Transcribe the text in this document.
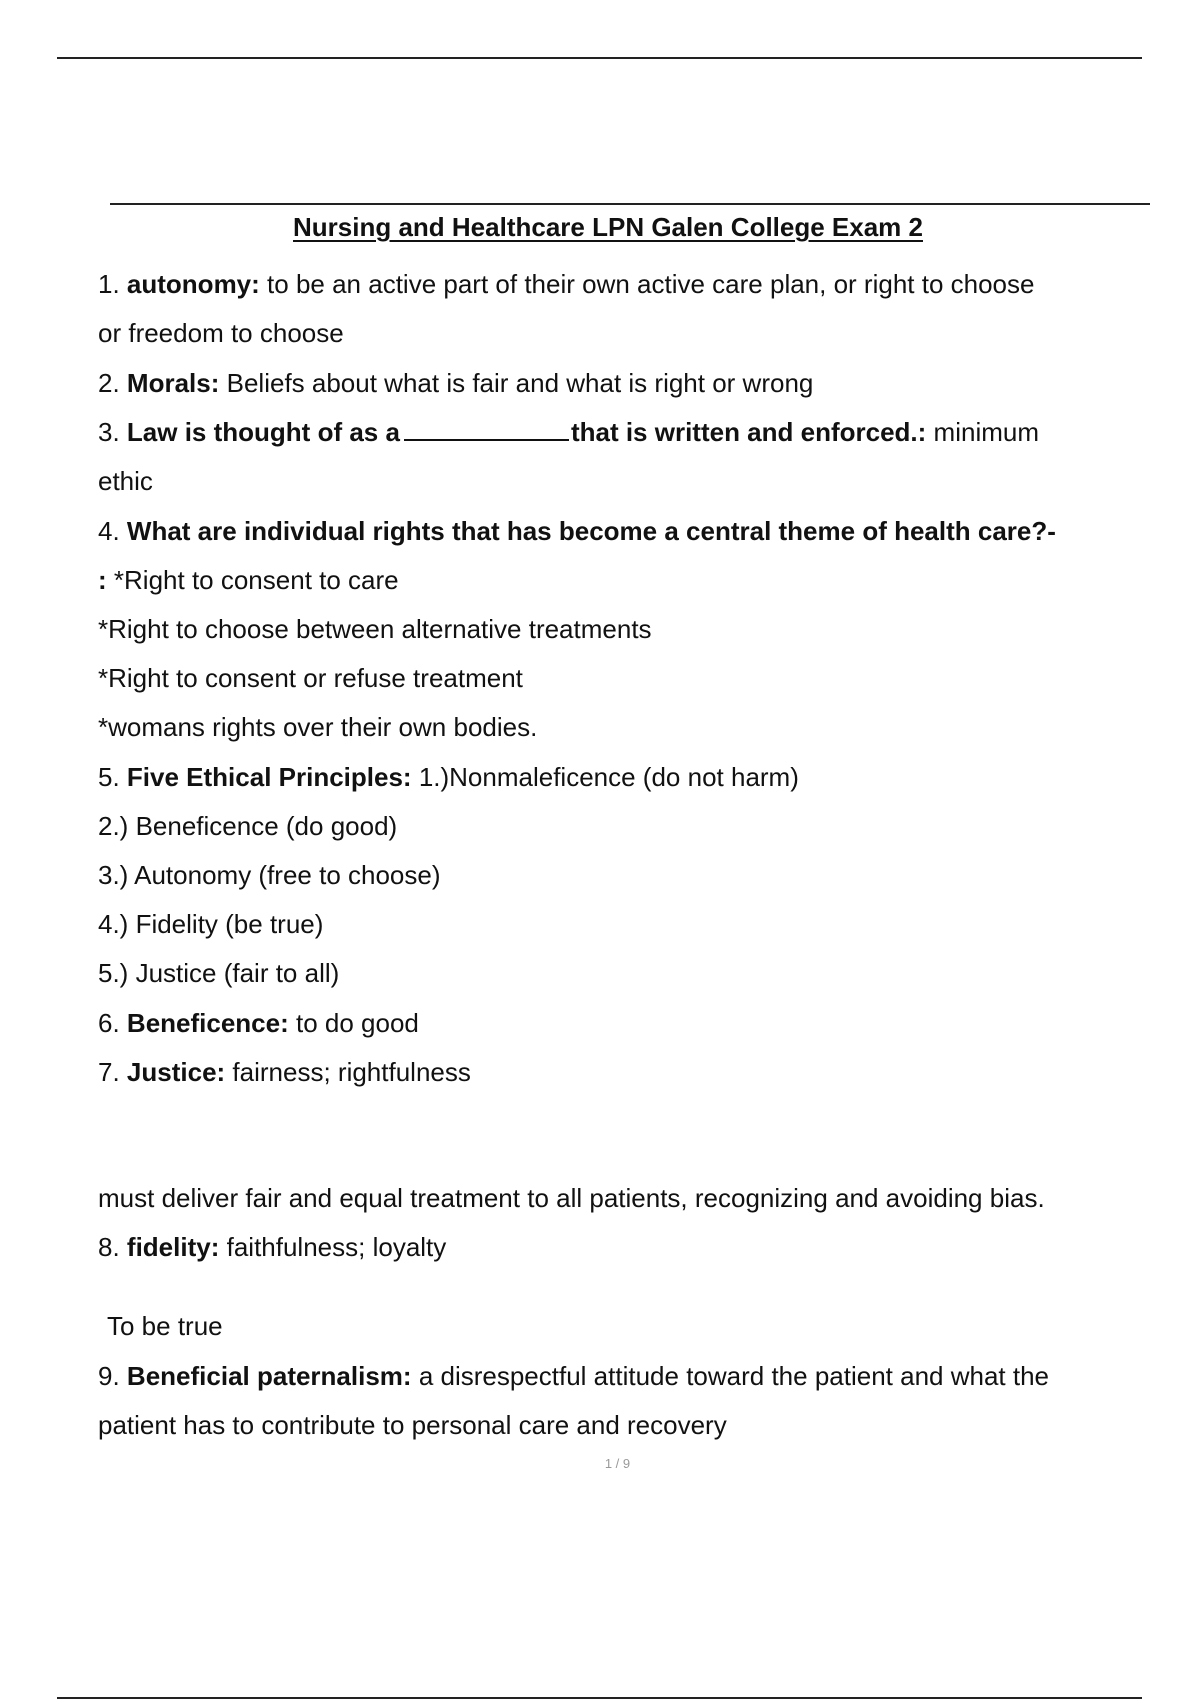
Nursing and Healthcare LPN Galen College Exam 2
1. autonomy: to be an active part of their own active care plan, or right to choose
or freedom to choose
2. Morals: Beliefs about what is fair and what is right or wrong
3. Law is thought of as a	that is written and enforced.: minimum
ethic
4. What are individual rights that has become a central theme of health care?-
: *Right to consent to care
*Right to choose between alternative treatments
*Right to consent or refuse treatment
*womans rights over their own bodies.
5. Five Ethical Principles: 1.)Nonmaleficence (do not harm)
2.) Beneficence (do good)
3.) Autonomy (free to choose)
4.) Fidelity (be true)
5.) Justice (fair to all)
6. Beneficence: to do good
7. Justice: fairness; rightfulness
must deliver fair and equal treatment to all patients, recognizing and avoiding bias.
8. fidelity: faithfulness; loyalty
To be true
9. Beneficial paternalism: a disrespectful attitude toward the patient and what the
patient has to contribute to personal care and recovery
1 / 9
